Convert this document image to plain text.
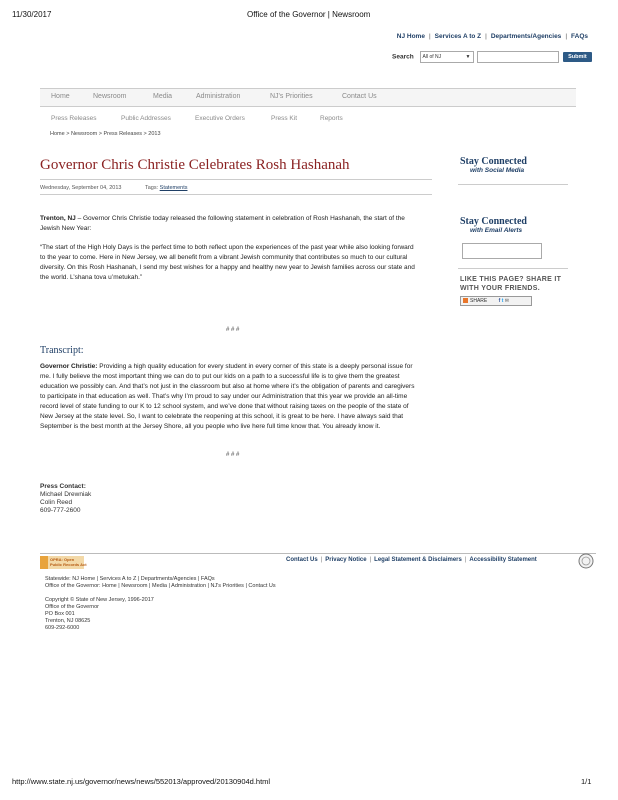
11/30/2017	Office of the Governor | Newsroom
NJ Home | Services A to Z | Departments/Agencies | FAQs
Search All of NJ	▼	Submit
Home	Newsroom	Media	Administration	NJ's Priorities	Contact Us
Press Releases	Public Addresses	Executive Orders	Press Kit	Reports
Home > Newsroom > Press Releases > 2013
Governor Chris Christie Celebrates Rosh Hashanah
Wednesday, September 04, 2013	Tags: Statements
Trenton, NJ – Governor Chris Christie today released the following statement in celebration of Rosh Hashanah, the start of the Jewish New Year:
“The start of the High Holy Days is the perfect time to both reflect upon the experiences of the past year while also looking forward to the year to come. Here in New Jersey, we all benefit from a vibrant Jewish community that contributes so much to our cultural diversity. On this Rosh Hashanah, I send my best wishes for a happy and healthy new year to Jewish families across our state and the world. L’shana tova u’metukah.”
# # #
Transcript:
Governor Christie: Providing a high quality education for every student in every corner of this state is a deeply personal issue for me. I fully believe the most important thing we can do to put our kids on a path to a successful life is to give them the greatest education we possibly can. And that’s not just in the classroom but also at home where it’s the obligation of parents and caregivers to participate in that education as well. That’s why I’m proud to say under our Administration that this year we provide an all-time record level of state funding to our K to 12 school system, and we’ve done that without raising taxes on the people of the state of New Jersey at the state level. So, I want to celebrate the reopening at this school, it is great to be here. I have always said that September is the best month at the Jersey Shore, all you people who live here full time know that. You already know it.
# # #
Press Contact:
Michael Drewniak
Colin Reed
609-777-2600
Stay Connected
with Social Media
Stay Connected
with Email Alerts
LIKE THIS PAGE? SHARE IT
WITH YOUR FRIENDS.
SHARE f t ✉
OPRA: Open
Public Records Act
Contact Us | Privacy Notice | Legal Statement & Disclaimers | Accessibility Statement
Statewide: NJ Home | Services A to Z | Departments/Agencies | FAQs
Office of the Governor: Home | Newsroom | Media | Administration | NJ's Priorities | Contact Us
Copyright © State of New Jersey, 1996-2017
Office of the Governor
PO Box 001
Trenton, NJ 08625
609-292-6000
http://www.state.nj.us/governor/news/news/552013/approved/20130904d.html	1/1
